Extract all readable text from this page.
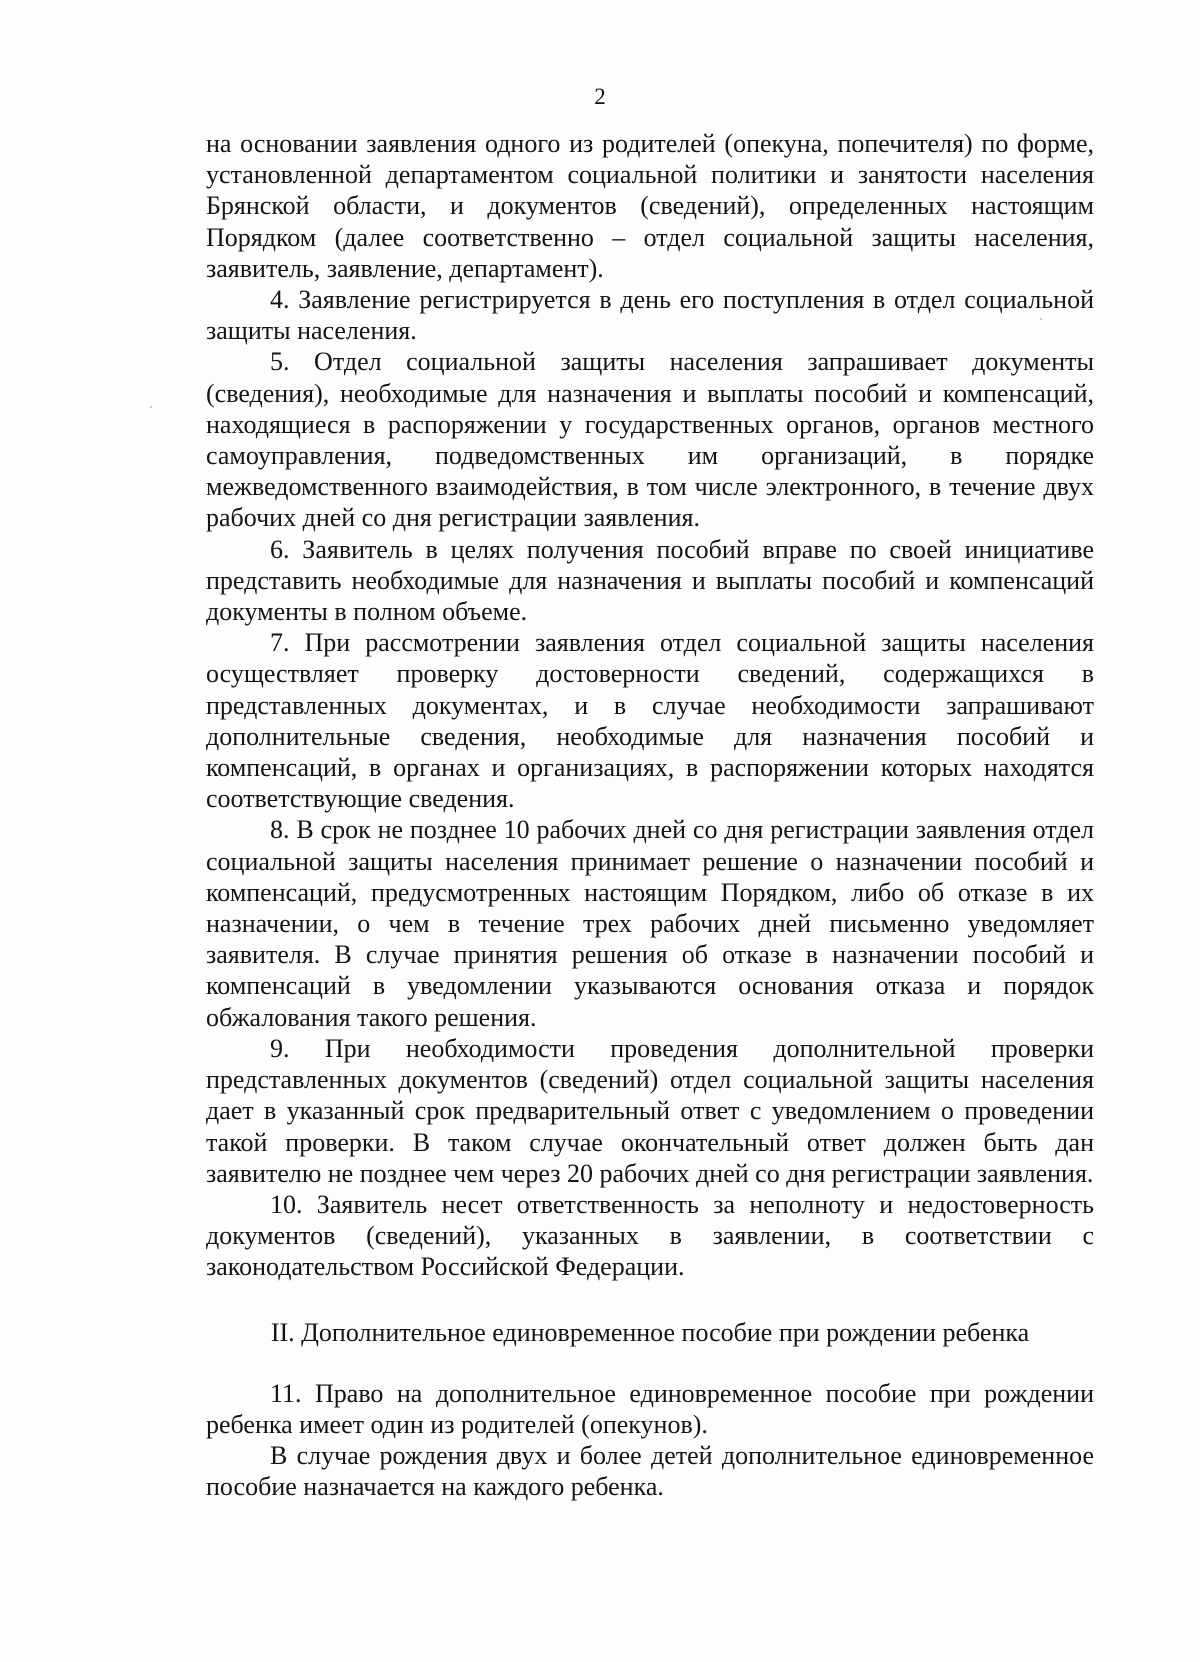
2

на основании заявления одного из родителей (опекуна, попечителя) по форме, установленной департаментом социальной политики и занятости населения Брянской области, и документов (сведений), определенных настоящим Порядком (далее соответственно – отдел социальной защиты населения, заявитель, заявление, департамент).

4. Заявление регистрируется в день его поступления в отдел социальной защиты населения.

5. Отдел социальной защиты населения запрашивает документы (сведения), необходимые для назначения и выплаты пособий и компенсаций, находящиеся в распоряжении у государственных органов, органов местного самоуправления, подведомственных им организаций, в порядке межведомственного взаимодействия, в том числе электронного, в течение двух рабочих дней со дня регистрации заявления.

6. Заявитель в целях получения пособий вправе по своей инициативе представить необходимые для назначения и выплаты пособий и компенсаций документы в полном объеме.

7. При рассмотрении заявления отдел социальной защиты населения осуществляет проверку достоверности сведений, содержащихся в представленных документах, и в случае необходимости запрашивают дополнительные сведения, необходимые для назначения пособий и компенсаций, в органах и организациях, в распоряжении которых находятся соответствующие сведения.

8. В срок не позднее 10 рабочих дней со дня регистрации заявления отдел социальной защиты населения принимает решение о назначении пособий и компенсаций, предусмотренных настоящим Порядком, либо об отказе в их назначении, о чем в течение трех рабочих дней письменно уведомляет заявителя. В случае принятия решения об отказе в назначении пособий и компенсаций в уведомлении указываются основания отказа и порядок обжалования такого решения.

9. При необходимости проведения дополнительной проверки представленных документов (сведений) отдел социальной защиты населения дает в указанный срок предварительный ответ с уведомлением о проведении такой проверки. В таком случае окончательный ответ должен быть дан заявителю не позднее чем через 20 рабочих дней со дня регистрации заявления.

10. Заявитель несет ответственность за неполноту и недостоверность документов (сведений), указанных в заявлении, в соответствии с законодательством Российской Федерации.

II. Дополнительное единовременное пособие при рождении ребенка

11. Право на дополнительное единовременное пособие при рождении ребенка имеет один из родителей (опекунов).

В случае рождения двух и более детей дополнительное единовременное пособие назначается на каждого ребенка.
